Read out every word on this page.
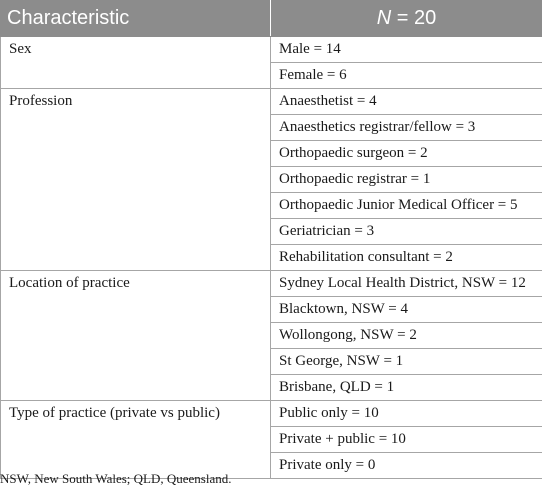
Characteristic	N = 20
Sex	Male = 14
	Female = 6
Profession	Anaesthetist = 4
	Anaesthetics registrar/fellow = 3
	Orthopaedic surgeon = 2
	Orthopaedic registrar = 1
	Orthopaedic Junior Medical Officer = 5
	Geriatrician = 3
	Rehabilitation consultant = 2
Location of practice	Sydney Local Health District, NSW = 12
	Blacktown, NSW = 4
	Wollongong, NSW = 2
	St George, NSW = 1
	Brisbane, QLD = 1
Type of practice (private vs public)	Public only = 10
	Private + public = 10
	Private only = 0
NSW, New South Wales; QLD, Queensland.
